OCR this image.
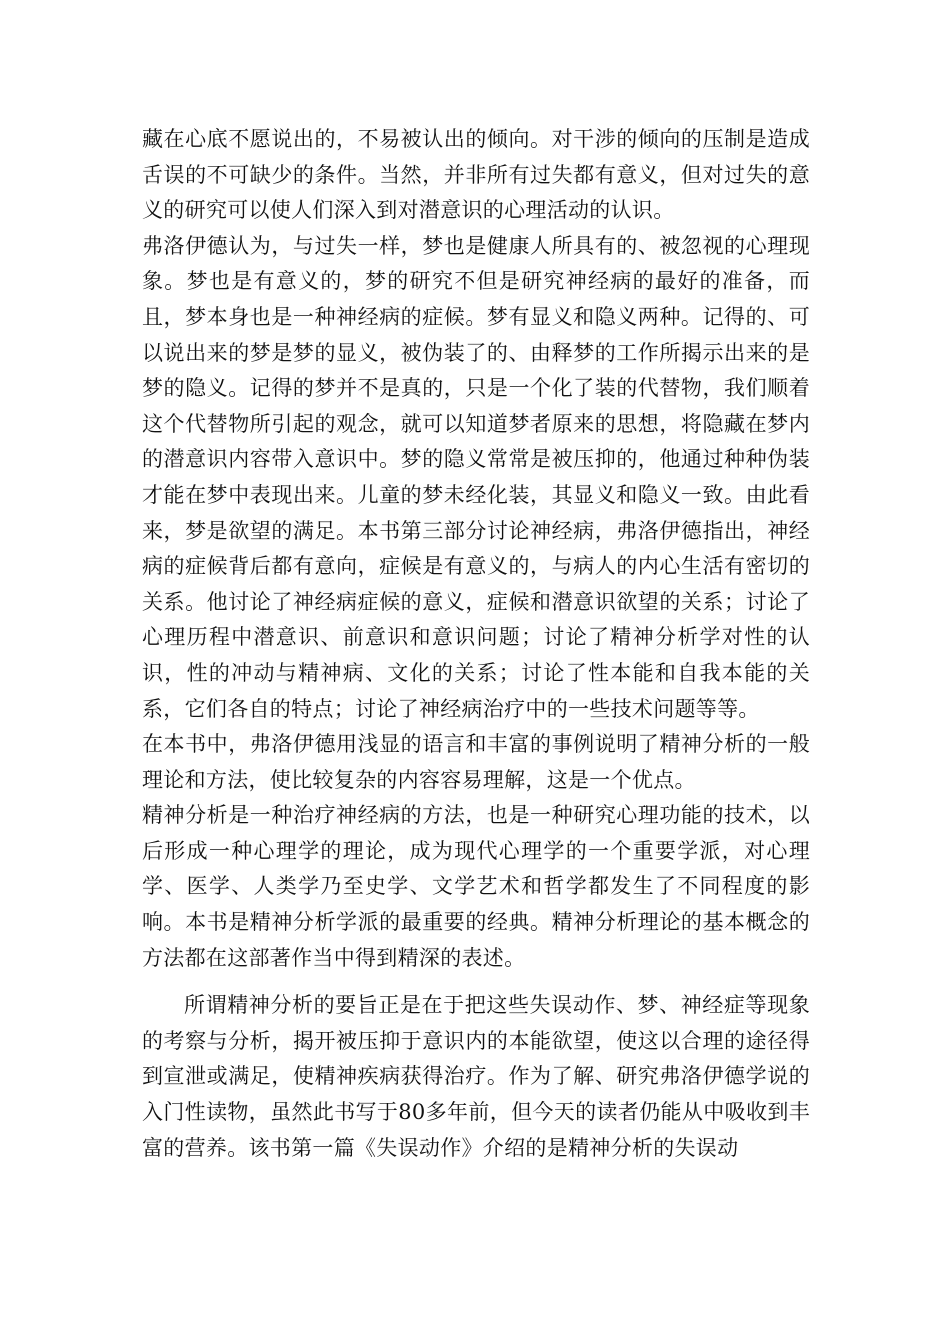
藏在心底不愿说出的，不易被认出的倾向。对干涉的倾向的压制是造成舌误的不可缺少的条件。当然，并非所有过失都有意义，但对过失的意义的研究可以使人们深入到对潜意识的心理活动的认识。

弗洛伊德认为，与过失一样，梦也是健康人所具有的、被忽视的心理现象。梦也是有意义的，梦的研究不但是研究神经病的最好的准备，而且，梦本身也是一种神经病的症候。梦有显义和隐义两种。记得的、可以说出来的梦是梦的显义，被伪装了的、由释梦的工作所揭示出来的是梦的隐义。记得的梦并不是真的，只是一个化了装的代替物，我们顺着这个代替物所引起的观念，就可以知道梦者原来的思想，将隐藏在梦内的潜意识内容带入意识中。梦的隐义常常是被压抑的，他通过种种伪装才能在梦中表现出来。儿童的梦未经化装，其显义和隐义一致。由此看来，梦是欲望的满足。本书第三部分讨论神经病，弗洛伊德指出，神经病的症候背后都有意向，症候是有意义的，与病人的内心生活有密切的关系。他讨论了神经病症候的意义，症候和潜意识欲望的关系；讨论了心理历程中潜意识、前意识和意识问题；讨论了精神分析学对性的认识，性的冲动与精神病、文化的关系；讨论了性本能和自我本能的关系，它们各自的特点；讨论了神经病治疗中的一些技术问题等等。

在本书中，弗洛伊德用浅显的语言和丰富的事例说明了精神分析的一般理论和方法，使比较复杂的内容容易理解，这是一个优点。

精神分析是一种治疗神经病的方法，也是一种研究心理功能的技术，以后形成一种心理学的理论，成为现代心理学的一个重要学派，对心理学、医学、人类学乃至史学、文学艺术和哲学都发生了不同程度的影响。本书是精神分析学派的最重要的经典。精神分析理论的基本概念的方法都在这部著作当中得到精深的表述。

所谓精神分析的要旨正是在于把这些失误动作、梦、神经症等现象的考察与分析，揭开被压抑于意识内的本能欲望，使这以合理的途径得到宣泄或满足，使精神疾病获得治疗。作为了解、研究弗洛伊德学说的入门性读物，虽然此书写于80多年前，但今天的读者仍能从中吸收到丰富的营养。该书第一篇《失误动作》介绍的是精神分析的失误动
